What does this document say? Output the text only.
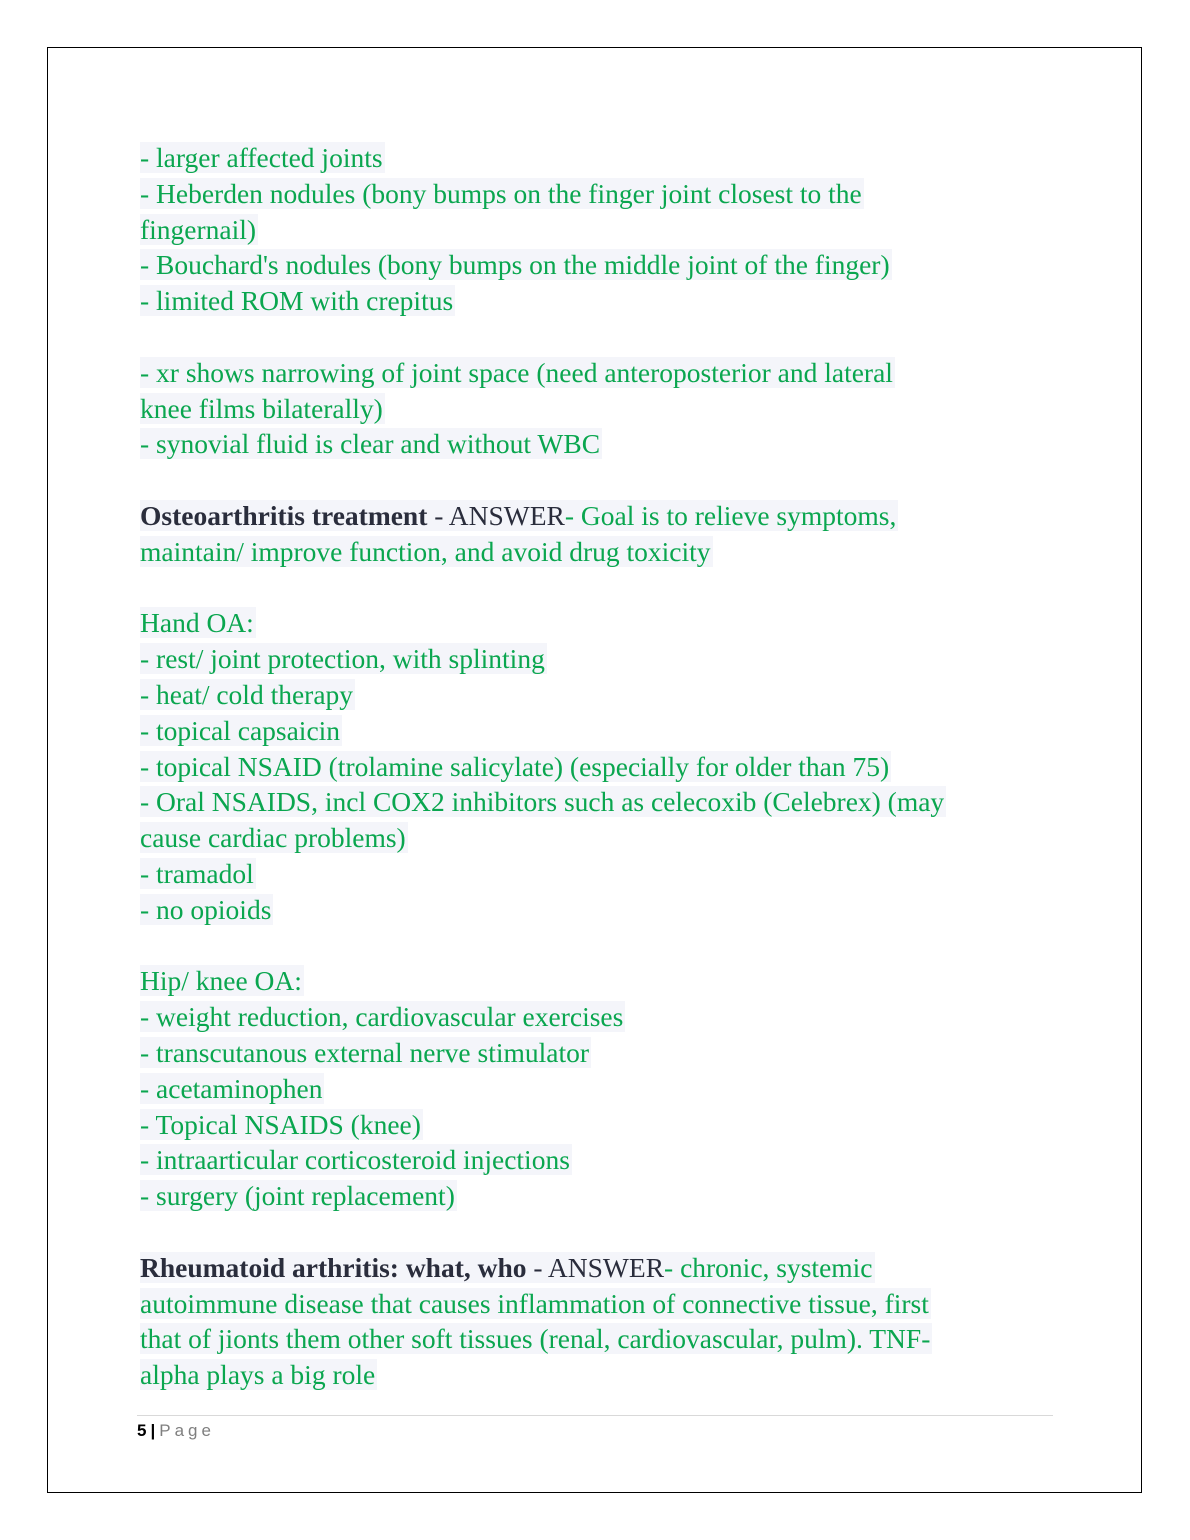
- larger affected joints
- Heberden nodules (bony bumps on the finger joint closest to the
fingernail)
- Bouchard's nodules (bony bumps on the middle joint of the finger)
- limited ROM with crepitus
- xr shows narrowing of joint space (need anteroposterior and lateral
knee films bilaterally)
- synovial fluid is clear and without WBC
Osteoarthritis treatment - ANSWER- Goal is to relieve symptoms,
maintain/ improve function, and avoid drug toxicity
Hand OA:
- rest/ joint protection, with splinting
- heat/ cold therapy
- topical capsaicin
- topical NSAID (trolamine salicylate) (especially for older than 75)
- Oral NSAIDS, incl COX2 inhibitors such as celecoxib (Celebrex) (may
cause cardiac problems)
- tramadol
- no opioids
Hip/ knee OA:
- weight reduction, cardiovascular exercises
- transcutanous external nerve stimulator
- acetaminophen
- Topical NSAIDS (knee)
- intraarticular corticosteroid injections
- surgery (joint replacement)
Rheumatoid arthritis: what, who - ANSWER- chronic, systemic
autoimmune disease that causes inflammation of connective tissue, first
that of jionts them other soft tissues (renal, cardiovascular, pulm). TNF-
alpha plays a big role
5 | Page
